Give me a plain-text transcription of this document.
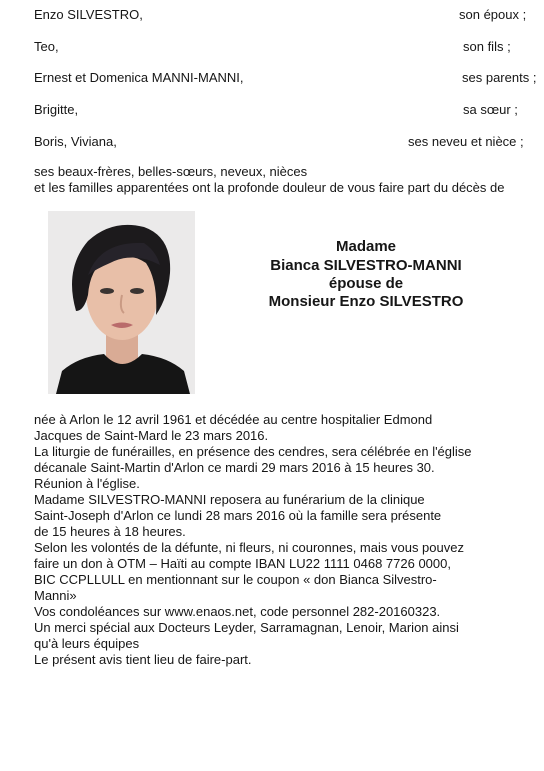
Enzo SILVESTRO,	son époux ;
Teo,	son fils ;
Ernest et Domenica MANNI-MANNI,	ses parents ;
Brigitte,	sa sœur ;
Boris, Viviana,	ses neveu et nièce ;
ses beaux-frères, belles-sœurs, neveux, nièces
et les familles apparentées ont la profonde douleur de vous faire part du décès de
Madame
Bianca SILVESTRO-MANNI
épouse de
Monsieur Enzo SILVESTRO

née à Arlon le 12 avril 1961 et décédée au centre hospitalier Edmond

Jacques de Saint-Mard le 23 mars 2016.

La liturgie de funérailles, en présence des cendres, sera célébrée en l'église

décanale Saint-Martin d'Arlon ce mardi 29 mars 2016 à 15 heures 30.

Réunion à l'église.

Madame SILVESTRO-MANNI reposera au funérarium de la clinique

Saint-Joseph d'Arlon ce lundi 28 mars 2016 où la famille sera présente

de 15 heures à 18 heures.

Selon les volontés de la défunte, ni fleurs, ni couronnes, mais vous pouvez

faire un don à OTM – Haïti au compte IBAN LU22 1111 0468 7726 0000,

BIC CCPLLULL en mentionnant sur le coupon « don Bianca Silvestro-

Manni»

Vos condoléances sur www.enaos.net, code personnel 282-20160323.

Un merci spécial aux Docteurs Leyder, Sarramagnan, Lenoir, Marion ainsi

qu'à leurs équipes

Le présent avis tient lieu de faire-part.
